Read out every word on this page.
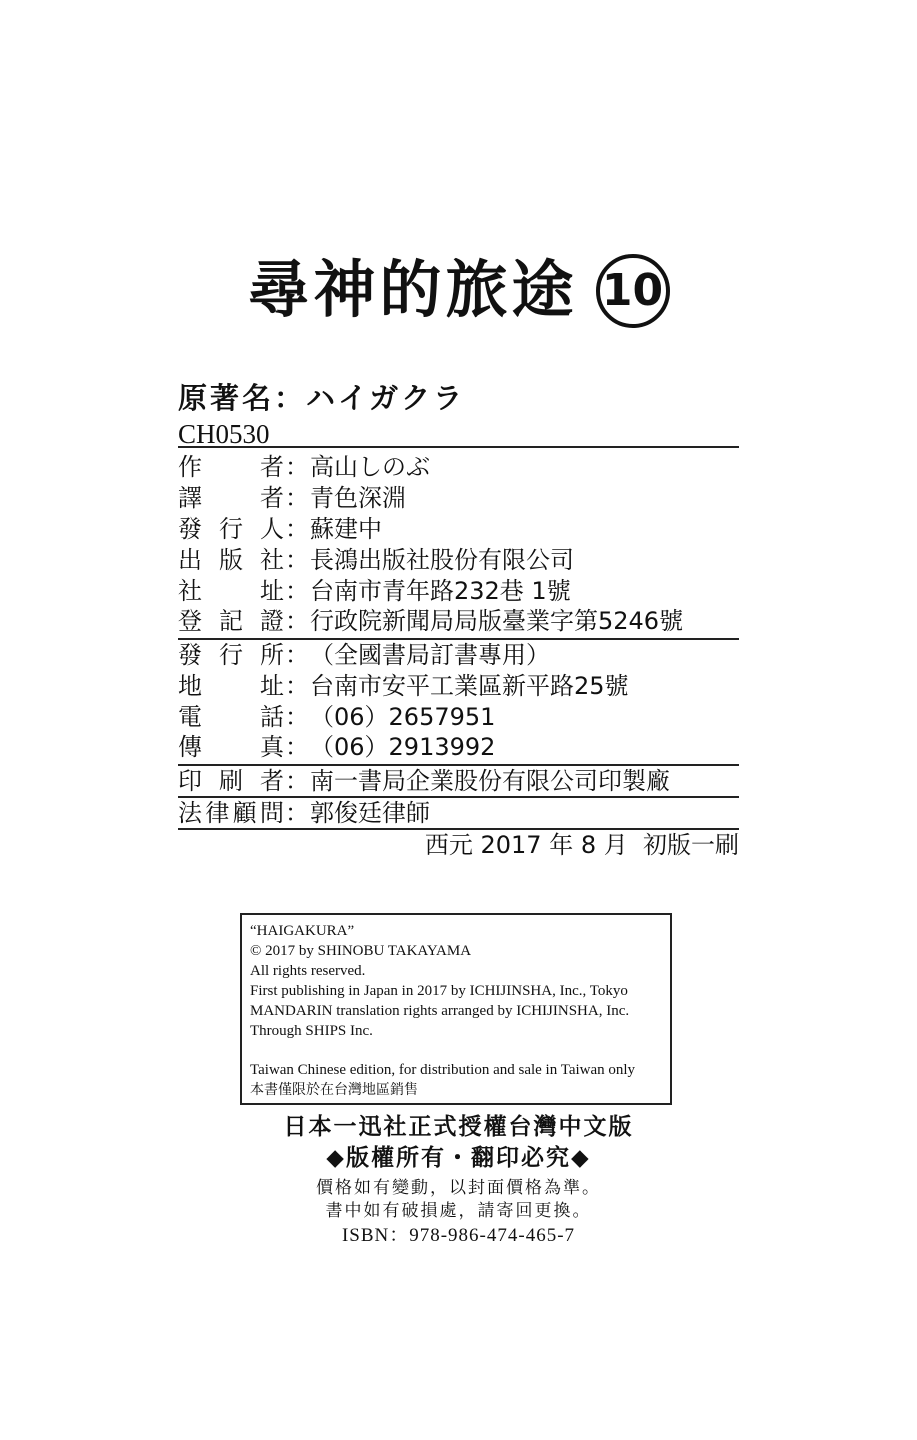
尋神的旅途 10
原著名：ハイガクラ
CH0530
作者：高山しのぶ
譯者：青色深淵
發行人：蘇建中
出版社：長鴻出版社股份有限公司
社址：台南市青年路232巷 1號
登記證：行政院新聞局局版臺業字第5246號
發行所：（全國書局訂書專用）
地址：台南市安平工業區新平路25號
電話：（06）2657951
傳真：（06）2913992
印刷者：南一書局企業股份有限公司印製廠
法律顧問：郭俊廷律師
西元 2017 年 8 月  初版一刷
“HAIGAKURA”
© 2017 by SHINOBU TAKAYAMA
All rights reserved.
First publishing in Japan in 2017 by ICHIJINSHA, Inc., Tokyo
MANDARIN translation rights arranged by ICHIJINSHA, Inc.
Through SHIPS Inc.
Taiwan Chinese edition, for distribution and sale in Taiwan only
本書僅限於在台灣地區銷售
日本一迅社正式授權台灣中文版
◆版權所有・翻印必究◆
價格如有變動，以封面價格為準。
書中如有破損處，請寄回更換。
ISBN：978-986-474-465-7
